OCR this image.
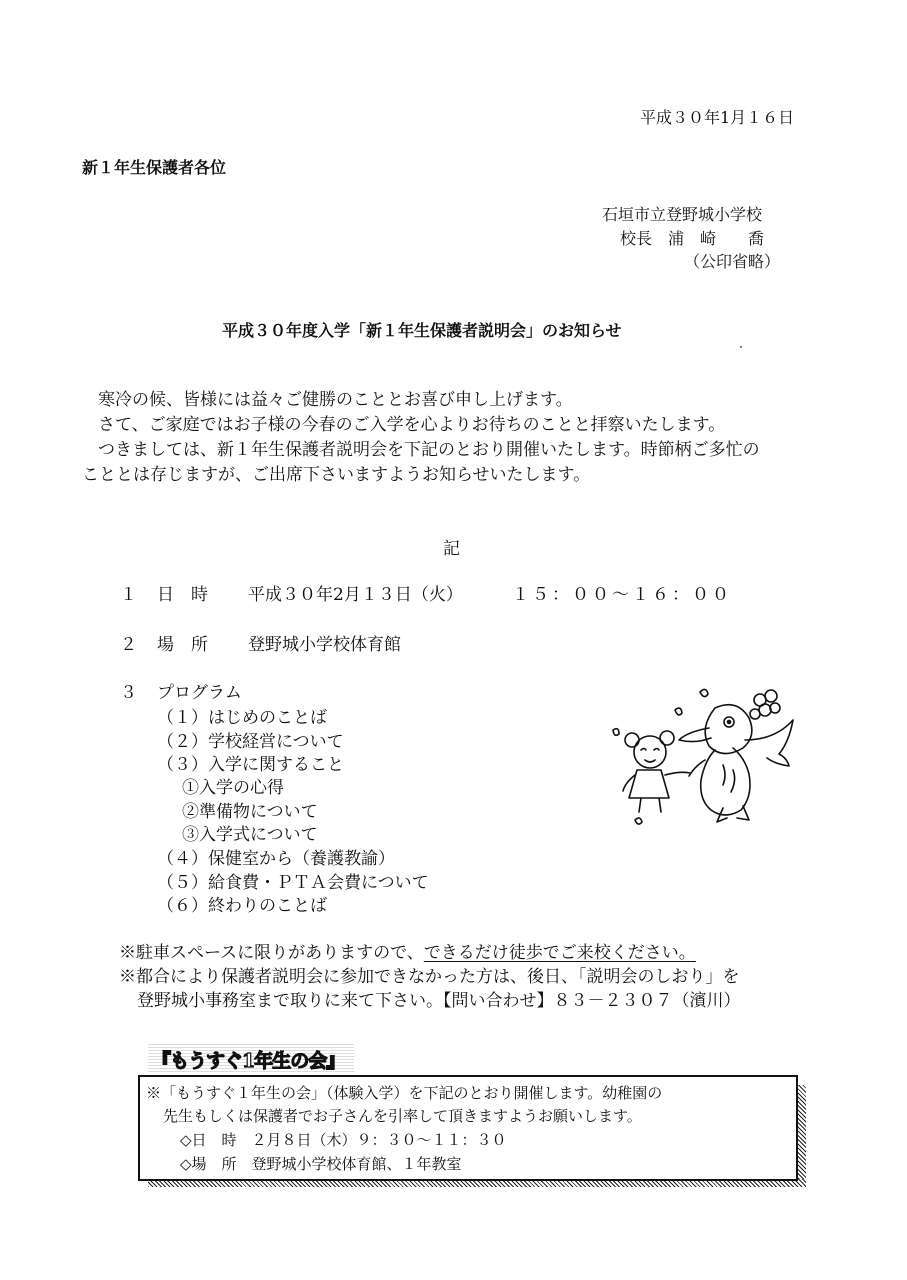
平成３０年1月１６日
新１年生保護者各位
石垣市立登野城小学校
校長　浦　崎　　喬
（公印省略）
平成３０年度入学「新１年生保護者説明会」のお知らせ
寒冷の候、皆様には益々ご健勝のこととお喜び申し上げます。
さて、ご家庭ではお子様の今春のご入学を心よりお待ちのことと拝察いたします。
つきましては、新１年生保護者説明会を下記のとおり開催いたします。時節柄ご多忙の
こととは存じますが、ご出席下さいますようお知らせいたします。
記
１ 日　時 平成３０年2月１３日（火）	１５：００～１６：００
２ 場　所 登野城小学校体育館
３ プログラム
（１）はじめのことば
（２）学校経営について
（３）入学に関すること
①入学の心得
②準備物について
③入学式について
（４）保健室から（養護教諭）
（５）給食費・ＰＴＡ会費について
（６）終わりのことば
※駐車スペースに限りがありますので、できるだけ徒歩でご来校ください。
※都合により保護者説明会に参加できなかった方は、後日、「説明会のしおり」を
登野城小事務室まで取りに来て下さい。【問い合わせ】８３－２３０７（濱川）
『もうすぐ1年生の会』
※「もうすぐ１年生の会」（体験入学）を下記のとおり開催します。幼稚園の
先生もしくは保護者でお子さんを引率して頂きますようお願いします。
◇日　時　２月８日（木）９：３０～１１：３０
◇場　所　登野城小学校体育館、１年教室
